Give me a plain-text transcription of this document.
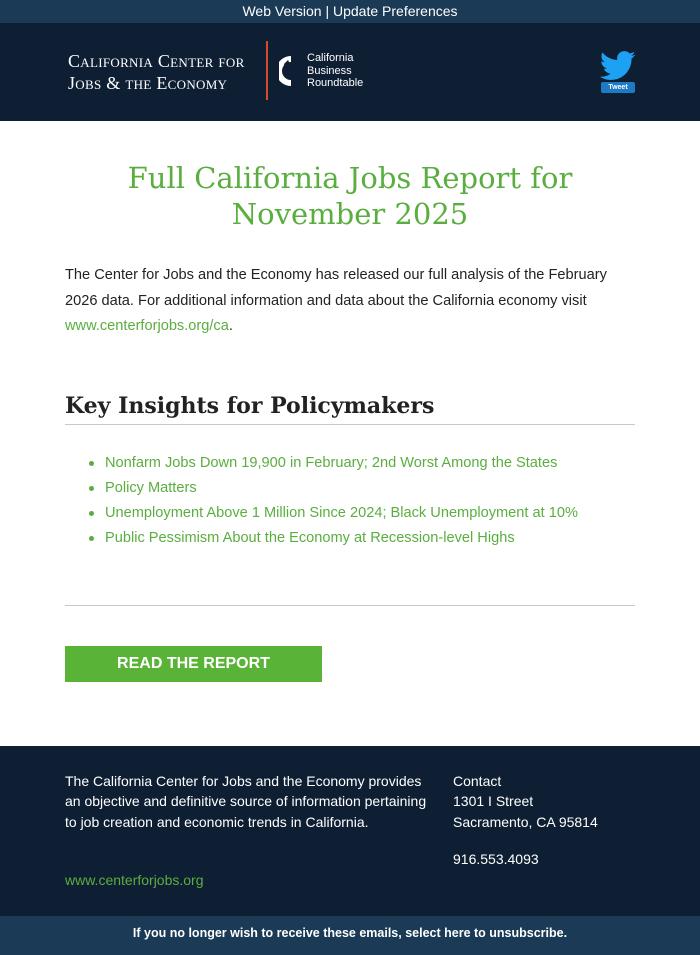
Web Version | Update Preferences
California Center for
Jobs & the Economy
California
Business
Roundtable	Tweet
Full California Jobs Report for
November 2025

The Center for Jobs and the Economy has released our full analysis of the February 2026 data. For additional information and data about the California economy visit www.centerforjobs.org/ca.

Key Insights for Policymakers
Nonfarm Jobs Down 19,900 in February; 2nd Worst Among the States
Policy Matters
Unemployment Above 1 Million Since 2024; Black Unemployment at 10%
Public Pessimism About the Economy at Recession-level Highs
READ THE REPORT

The California Center for Jobs and the Economy provides an objective and definitive source of information pertaining to job creation and economic trends in California.

www.centerforjobs.org
Contact
1301 I Street
Sacramento, CA 95814
916.553.4093
If you no longer wish to receive these emails, select here to unsubscribe.
